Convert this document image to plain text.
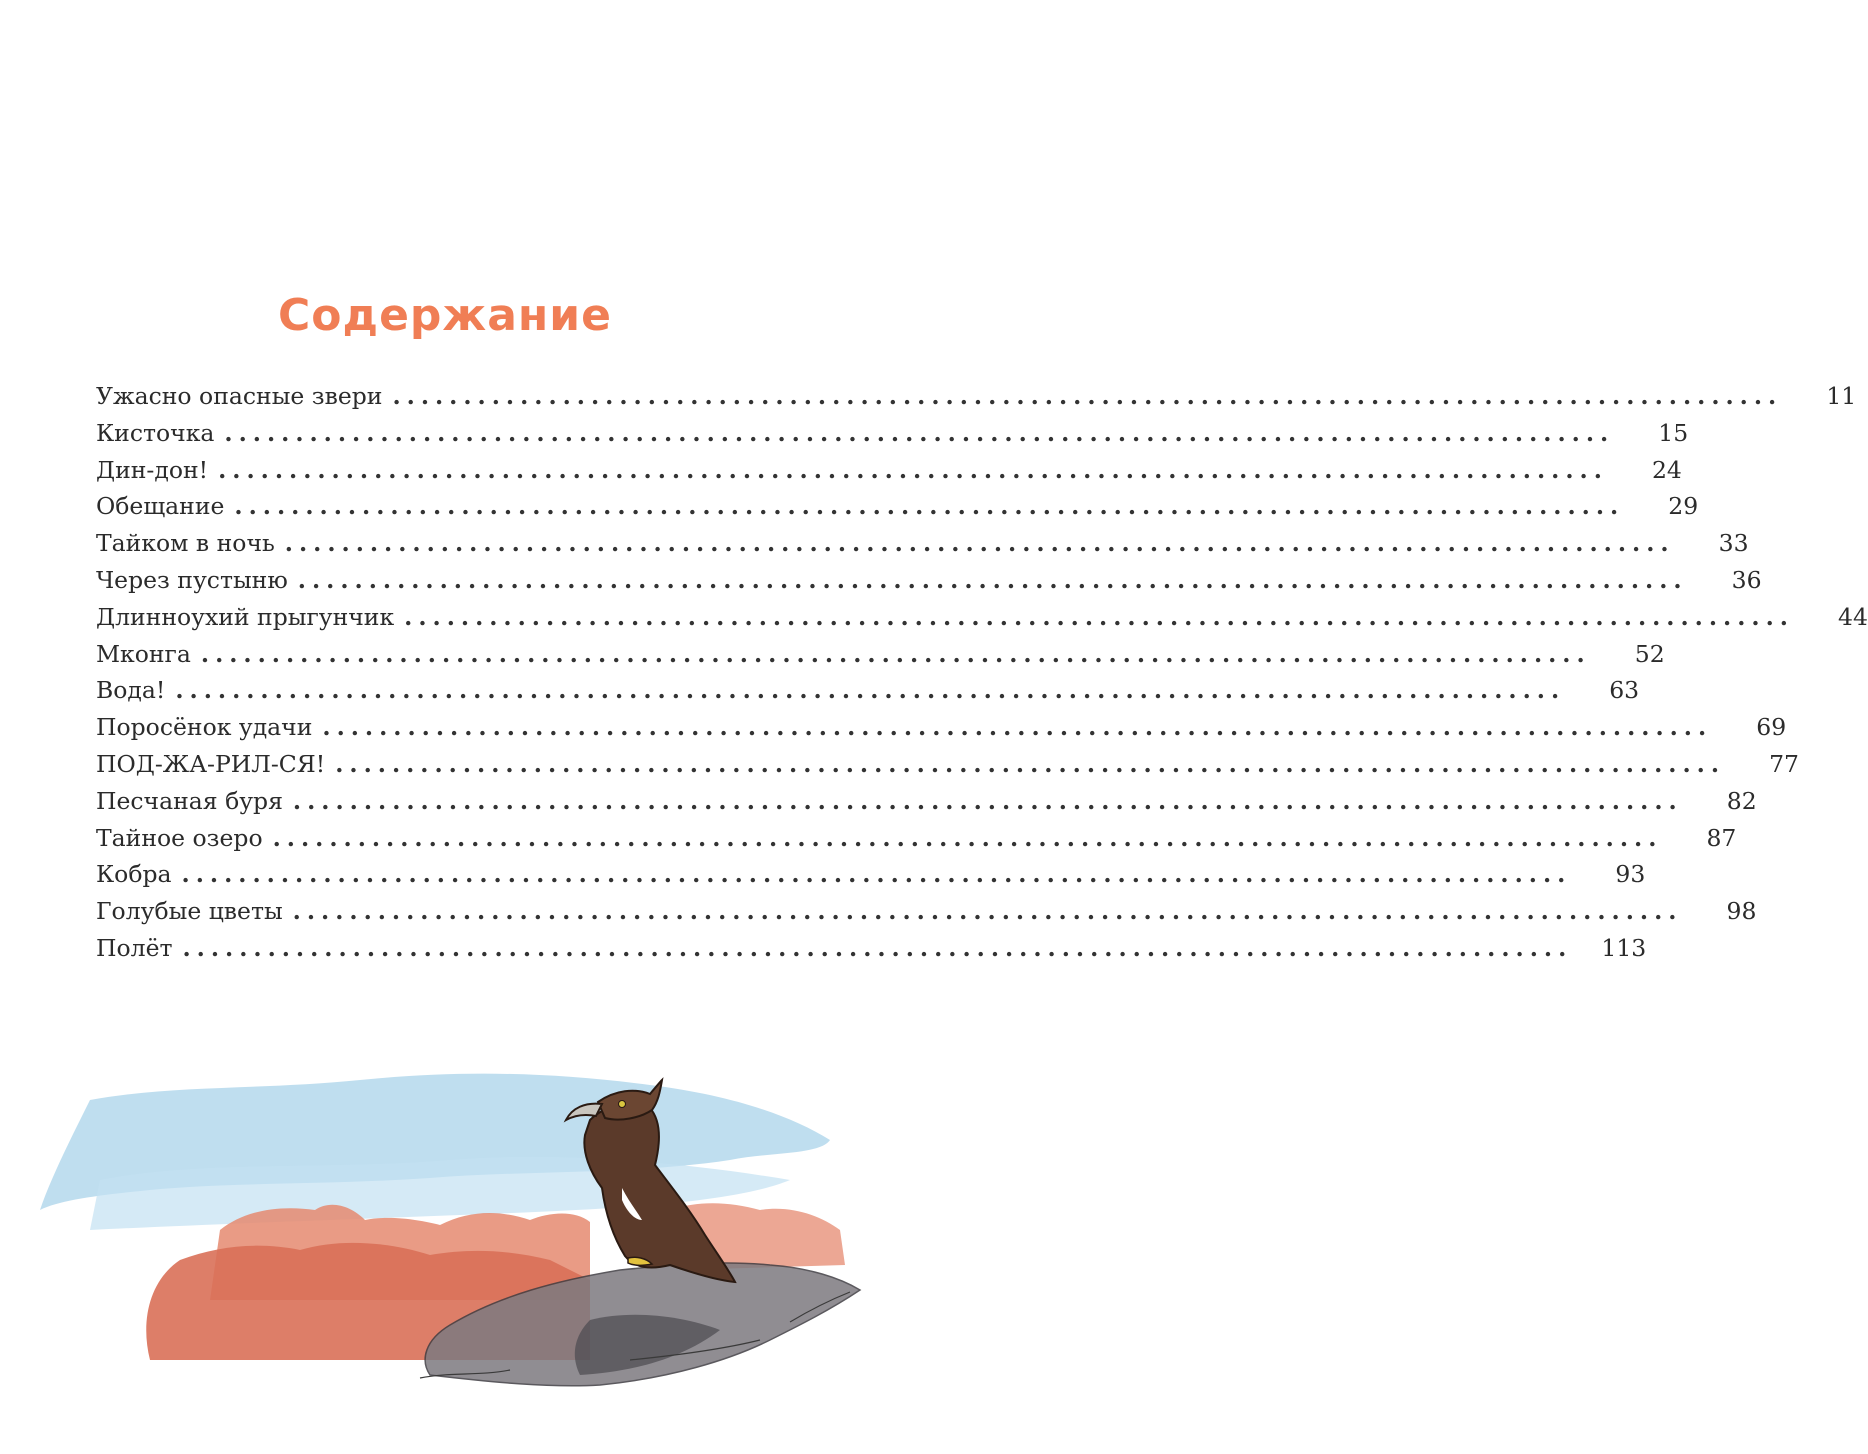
Содержание
Ужасно опасные звери ..................................................................................................	11
Кисточка ..................................................................................................	15
Дин-дон! ..................................................................................................	24
Обещание ..................................................................................................	29
Тайком в ночь ..................................................................................................	33
Через пустыню ..................................................................................................	36
Длинноухий прыгунчик ..................................................................................................	44
Мконга ..................................................................................................	52
Вода! ..................................................................................................	63
Поросёнок удачи ..................................................................................................	69
ПОД-ЖА-РИЛ-СЯ! ..................................................................................................	77
Песчаная буря ..................................................................................................	82
Тайное озеро ..................................................................................................	87
Кобра ..................................................................................................	93
Голубые цветы ..................................................................................................	98
Полёт ..................................................................................................	113
